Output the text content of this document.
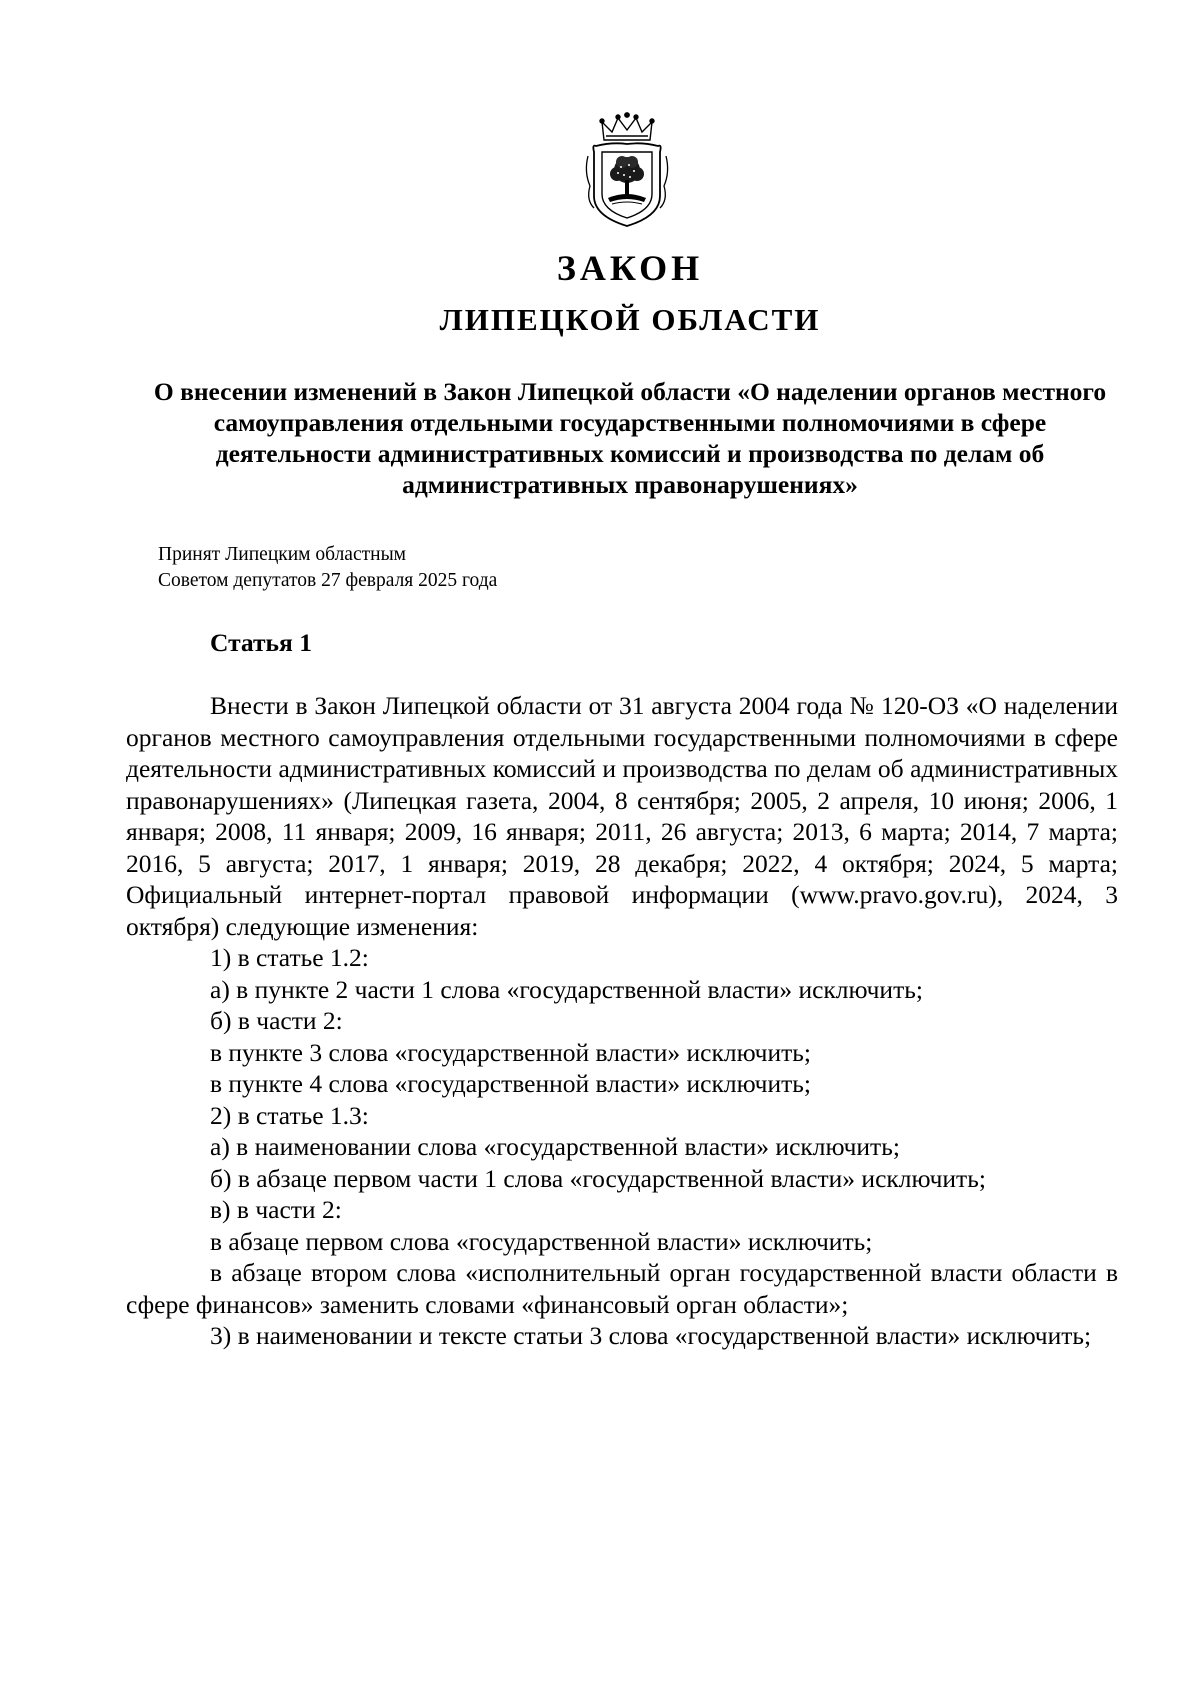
ЗАКОН
ЛИПЕЦКОЙ ОБЛАСТИ
О внесении изменений в Закон Липецкой области «О наделении органов местного самоуправления отдельными государственными полномочиями в сфере деятельности административных комиссий и производства по делам об административных правонарушениях»
Принят Липецким областным
Советом депутатов 27 февраля 2025 года
Статья 1

Внести в Закон Липецкой области от 31 августа 2004 года № 120-ОЗ «О наделении органов местного самоуправления отдельными государственными полномочиями в сфере деятельности административных комиссий и производства по делам об административных правонарушениях» (Липецкая газета, 2004, 8 сентября; 2005, 2 апреля, 10 июня; 2006, 1 января; 2008, 11 января; 2009, 16 января; 2011, 26 августа; 2013, 6 марта; 2014, 7 марта; 2016, 5 августа; 2017, 1 января; 2019, 28 декабря; 2022, 4 октября; 2024, 5 марта; Официальный интернет-портал правовой информации (www.pravo.gov.ru), 2024, 3 октября) следующие изменения:

1) в статье 1.2:

а) в пункте 2 части 1 слова «государственной власти» исключить;

б) в части 2:

в пункте 3 слова «государственной власти» исключить;

в пункте 4 слова «государственной власти» исключить;

2) в статье 1.3:

а) в наименовании слова «государственной власти» исключить;

б) в абзаце первом части 1 слова «государственной власти» исключить;

в) в части 2:

в абзаце первом слова «государственной власти» исключить;

в абзаце втором слова «исполнительный орган государственной власти области в сфере финансов» заменить словами «финансовый орган области»;

3) в наименовании и тексте статьи 3 слова «государственной власти» исключить;
